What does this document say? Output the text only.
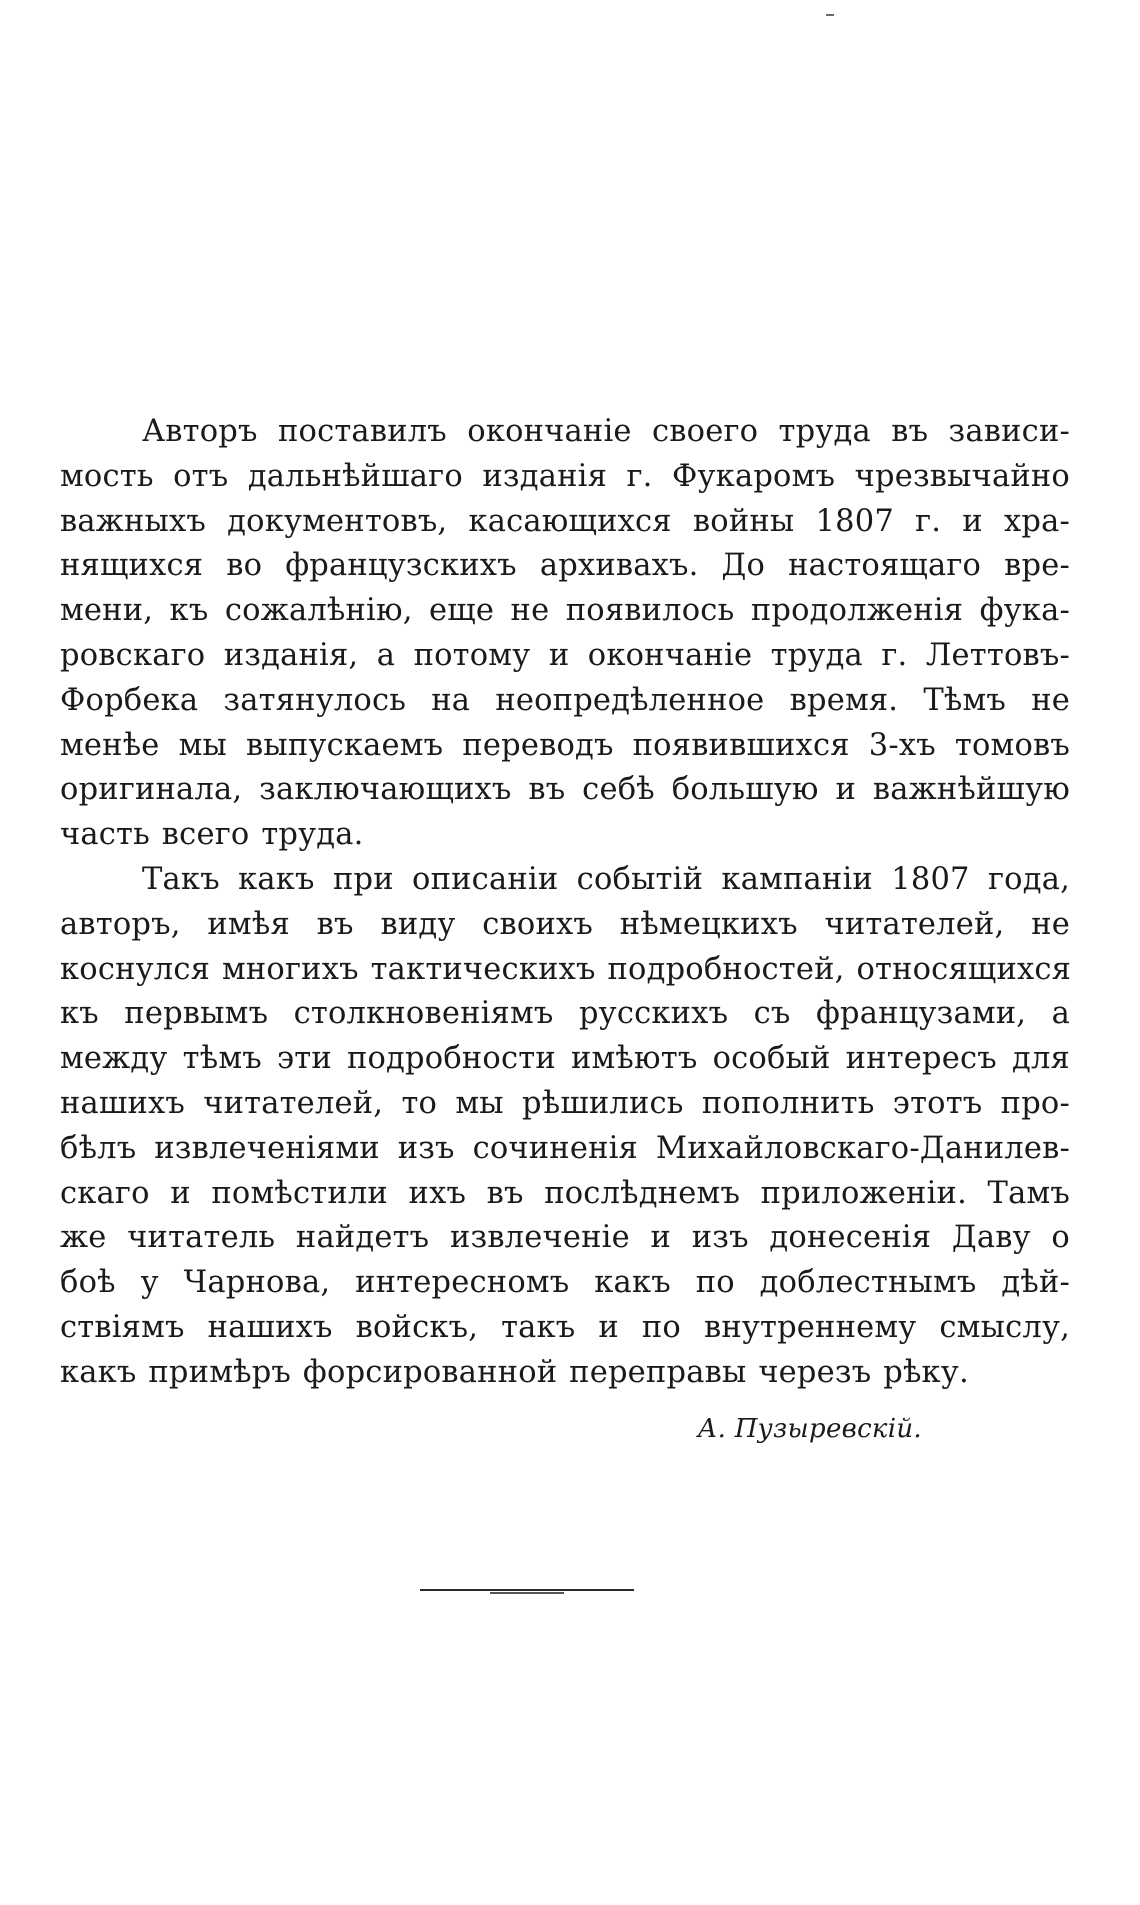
Авторъ поставилъ окончаніе своего труда въ зависи-
мость отъ дальнѣйшаго изданія г. Фукаромъ чрезвычайно
важныхъ документовъ, касающихся войны 1807 г. и хра-
нящихся во французскихъ архивахъ. До настоящаго вре-
мени, къ сожалѣнію, еще не появилось продолженія фука-
ровскаго изданія, а потому и окончаніе труда г. Леттовъ-
Форбека затянулось на неопредѣленное время. Тѣмъ не
менѣе мы выпускаемъ переводъ появившихся 3-хъ томовъ
оригинала, заключающихъ въ себѣ большую и важнѣйшую
часть всего труда.
Такъ какъ при описаніи событій кампаніи 1807 года,
авторъ, имѣя въ виду своихъ нѣмецкихъ читателей, не
коснулся многихъ тактическихъ подробностей, относящихся
къ первымъ столкновеніямъ русскихъ съ французами, а
между тѣмъ эти подробности имѣютъ особый интересъ для
нашихъ читателей, то мы рѣшились пополнить этотъ про-
бѣлъ извлеченіями изъ сочиненія Михайловскаго-Данилев-
скаго и помѣстили ихъ въ послѣднемъ приложеніи. Тамъ
же читатель найдетъ извлеченіе и изъ донесенія Даву о
боѣ у Чарнова, интересномъ какъ по доблестнымъ дѣй-
ствіямъ нашихъ войскъ, такъ и по внутреннему смыслу,
какъ примѣръ форсированной переправы черезъ рѣку.
А. Пузыревскій.
